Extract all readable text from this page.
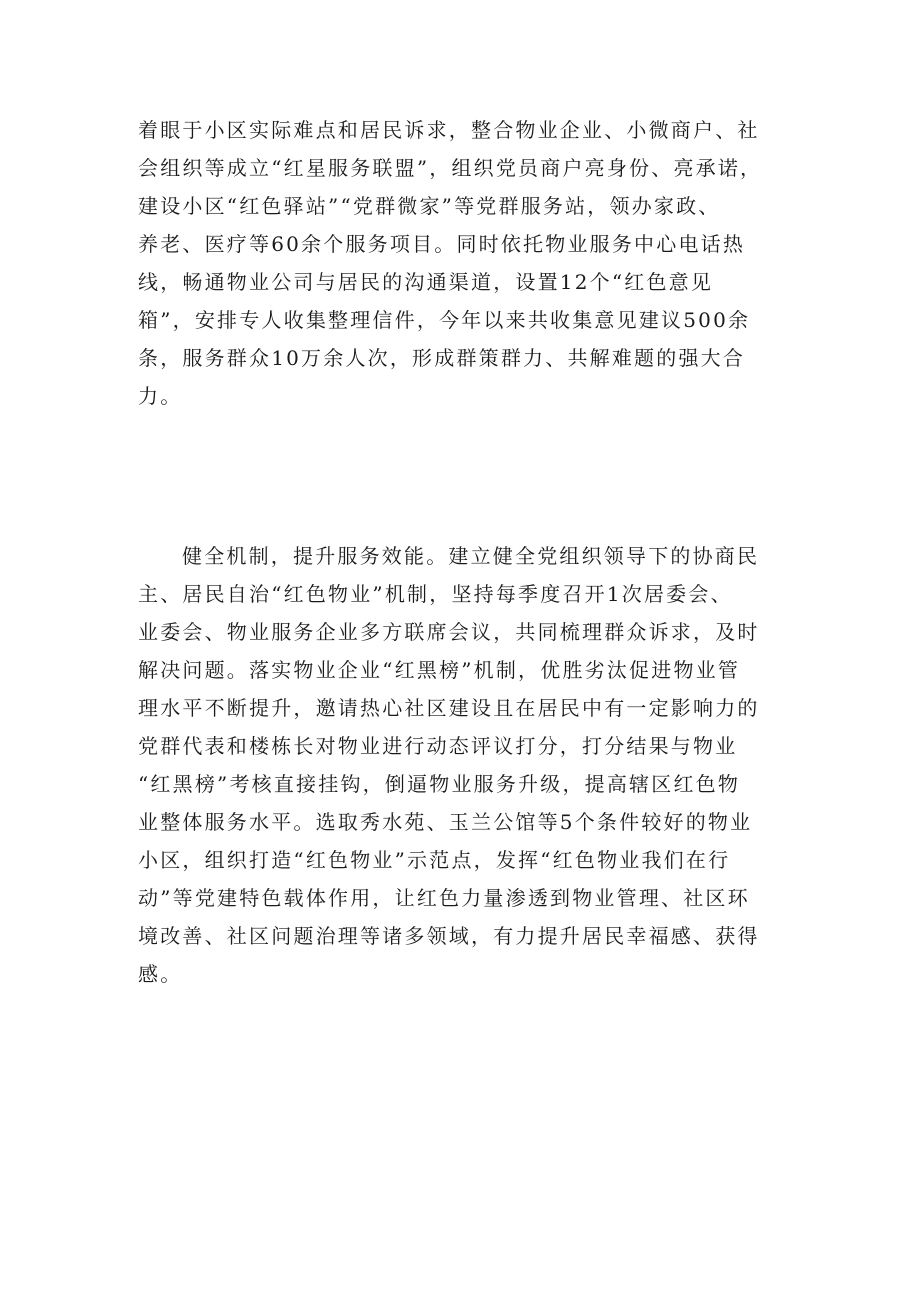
着眼于小区实际难点和居民诉求，整合物业企业、小微商户、社
会组织等成立“红星服务联盟”，组织党员商户亮身份、亮承诺，
建设小区“红色驿站”“党群微家”等党群服务站，领办家政、
养老、医疗等60余个服务项目。同时依托物业服务中心电话热
线，畅通物业公司与居民的沟通渠道，设置12个“红色意见
箱”，安排专人收集整理信件，今年以来共收集意见建议500余
条，服务群众10万余人次，形成群策群力、共解难题的强大合
力。
健全机制，提升服务效能。建立健全党组织领导下的协商民
主、居民自治“红色物业”机制，坚持每季度召开1次居委会、
业委会、物业服务企业多方联席会议，共同梳理群众诉求，及时
解决问题。落实物业企业“红黑榜”机制，优胜劣汰促进物业管
理水平不断提升，邀请热心社区建设且在居民中有一定影响力的
党群代表和楼栋长对物业进行动态评议打分，打分结果与物业
“红黑榜”考核直接挂钩，倒逼物业服务升级，提高辖区红色物
业整体服务水平。选取秀水苑、玉兰公馆等5个条件较好的物业
小区，组织打造“红色物业”示范点，发挥“红色物业我们在行
动”等党建特色载体作用，让红色力量渗透到物业管理、社区环
境改善、社区问题治理等诸多领域，有力提升居民幸福感、获得
感。
